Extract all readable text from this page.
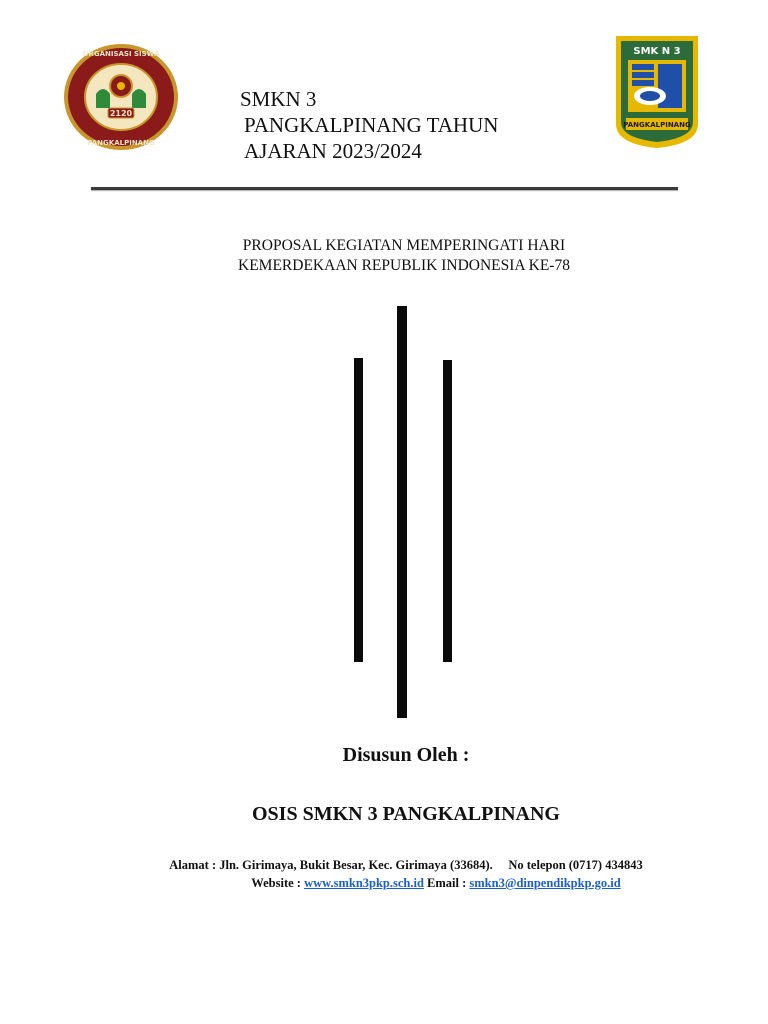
ORGANISASI SISWA
PANGKALPINANG
2120
SMK N 3
PANGKALPINANG
SMKN 3
PANGKALPINANG TAHUN
AJARAN 2023/2024
PROPOSAL KEGIATAN MEMPERINGATI HARI
KEMERDEKAAN REPUBLIK INDONESIA KE-78
Disusun Oleh :
OSIS SMKN 3 PANGKALPINANG
Alamat : Jln. Girimaya, Bukit Besar, Kec. Girimaya (33684). No telepon (0717) 434843
Website : www.smkn3pkp.sch.id Email : smkn3@dinpendikpkp.go.id
